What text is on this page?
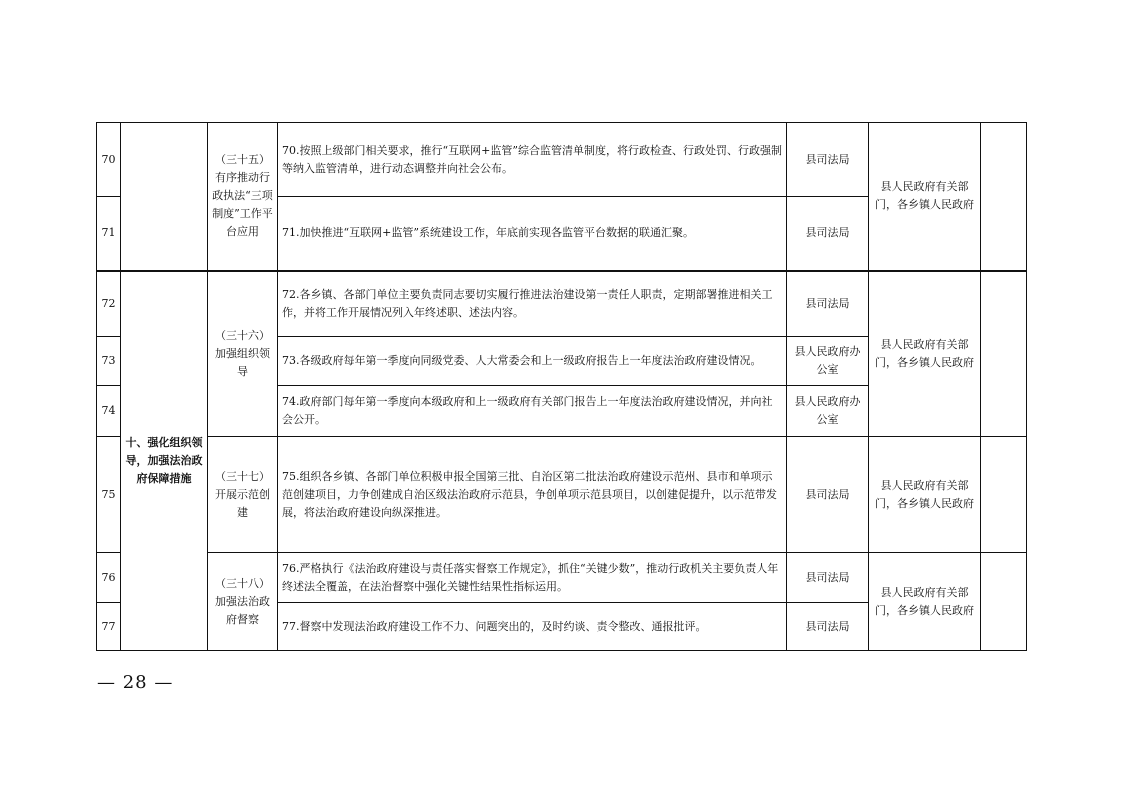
70		（三十五）有序推动行政执法“三项制度”工作平台应用	70.按照上级部门相关要求，推行“互联网+监管”综合监管清单制度，将行政检查、行政处罚、行政强制等纳入监管清单，进行动态调整并向社会公布。	县司法局	县人民政府有关部门，各乡镇人民政府	
71			71.加快推进“互联网+监管”系统建设工作，年底前实现各监管平台数据的联通汇聚。	县司法局		
72	十、强化组织领导，加强法治政府保障措施	（三十六）加强组织领导	72.各乡镇、各部门单位主要负责同志要切实履行推进法治建设第一责任人职责，定期部署推进相关工作，并将工作开展情况列入年终述职、述法内容。	县司法局	县人民政府有关部门，各乡镇人民政府	
73			73.各级政府每年第一季度向同级党委、人大常委会和上一级政府报告上一年度法治政府建设情况。	县人民政府办公室		
74			74.政府部门每年第一季度向本级政府和上一级政府有关部门报告上一年度法治政府建设情况，并向社会公开。	县人民政府办公室		
75		（三十七）开展示范创建	75.组织各乡镇、各部门单位积极申报全国第三批、自治区第二批法治政府建设示范州、县市和单项示范创建项目，力争创建成自治区级法治政府示范县，争创单项示范县项目，以创建促提升，以示范带发展，将法治政府建设向纵深推进。	县司法局	县人民政府有关部门，各乡镇人民政府	
76		（三十八）加强法治政府督察	76.严格执行《法治政府建设与责任落实督察工作规定》，抓住“关键少数”，推动行政机关主要负责人年终述法全覆盖，在法治督察中强化关键性结果性指标运用。	县司法局	县人民政府有关部门，各乡镇人民政府	
77			77.督察中发现法治政府建设工作不力、问题突出的，及时约谈、责令整改、通报批评。	县司法局		
— 28 —
